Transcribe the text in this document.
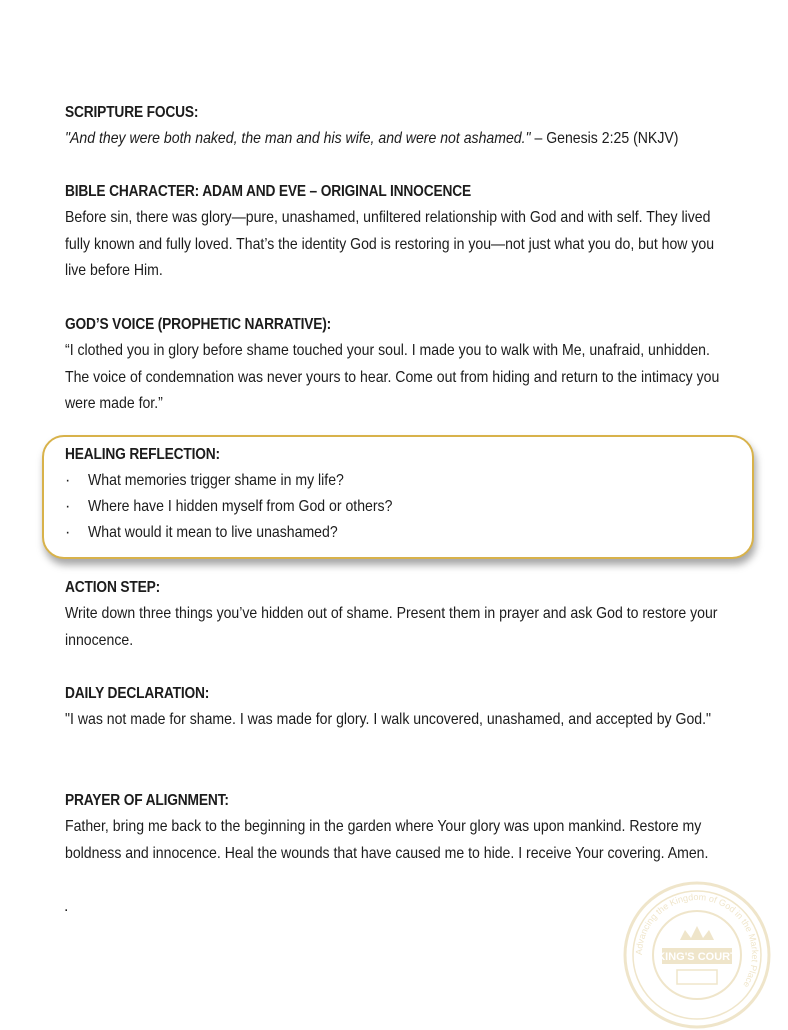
SCRIPTURE FOCUS:
"And they were both naked, the man and his wife, and were not ashamed." – Genesis 2:25 (NKJV)
BIBLE CHARACTER: ADAM AND EVE – ORIGINAL INNOCENCE
Before sin, there was glory—pure, unashamed, unfiltered relationship with God and with self. They lived fully known and fully loved. That’s the identity God is restoring in you—not just what you do, but how you live before Him.
GOD’S VOICE (PROPHETIC NARRATIVE):
“I clothed you in glory before shame touched your soul. I made you to walk with Me, unafraid, unhidden. The voice of condemnation was never yours to hear. Come out from hiding and return to the intimacy you were made for.”
HEALING REFLECTION:
· What memories trigger shame in my life?
· Where have I hidden myself from God or others?
· What would it mean to live unashamed?
ACTION STEP:
Write down three things you’ve hidden out of shame. Present them in prayer and ask God to restore your innocence.
DAILY DECLARATION:
"I was not made for shame. I was made for glory. I walk uncovered, unashamed, and accepted by God."
PRAYER OF ALIGNMENT:
Father, bring me back to the beginning in the garden where Your glory was upon mankind. Restore my boldness and innocence. Heal the wounds that have caused me to hide. I receive Your covering. Amen.
.
Advancing the Kingdom of God in the Market Place
KING'S COURT
